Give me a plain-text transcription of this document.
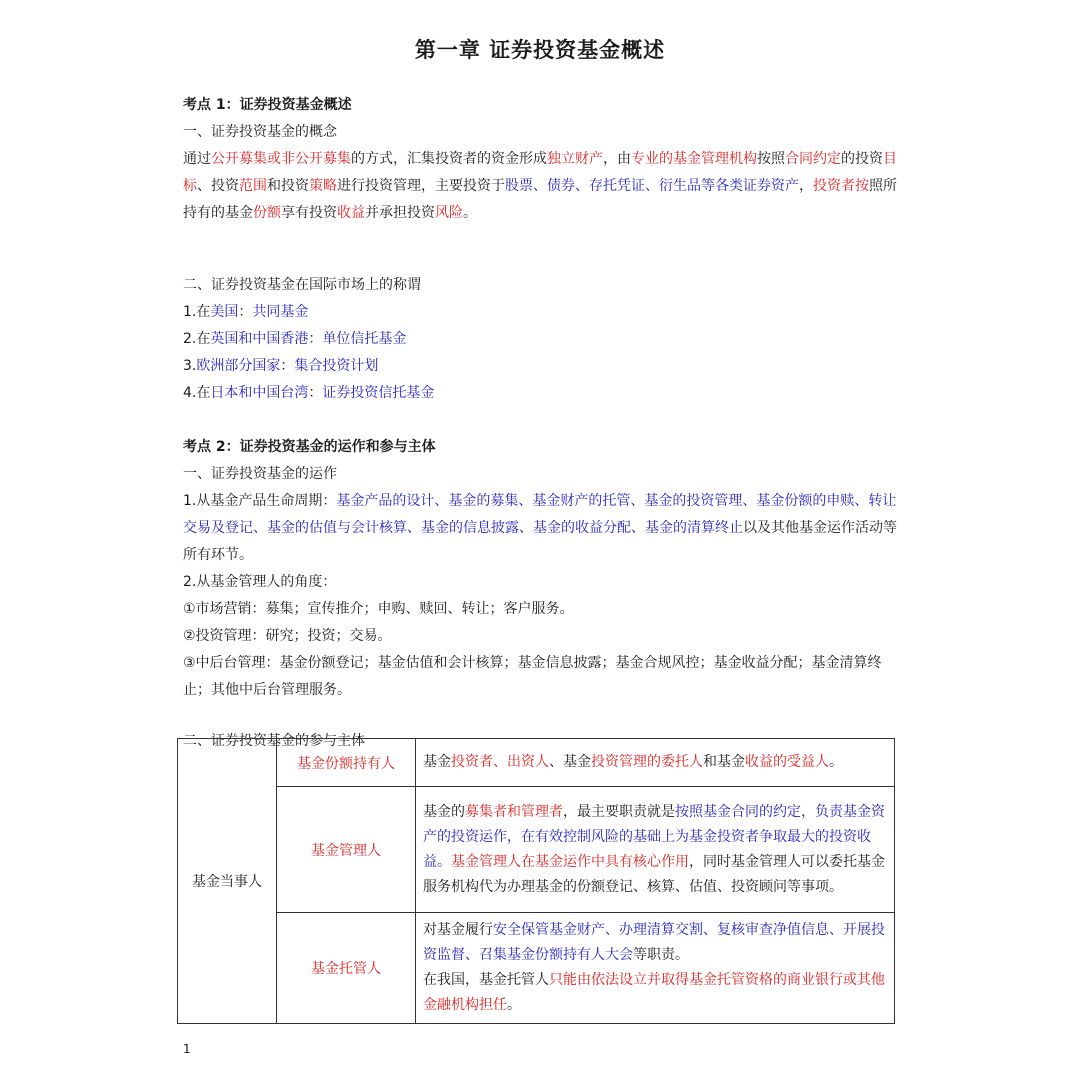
第一章 证券投资基金概述
考点 1：证券投资基金概述
一、证券投资基金的概念
通过公开募集或非公开募集的方式，汇集投资者的资金形成独立财产，由专业的基金管理机构按照合同约定的投资目标、投资范围和投资策略进行投资管理，主要投资于股票、债券、存托凭证、衍生品等各类证券资产，投资者按照所持有的基金份额享有投资收益并承担投资风险。
二、证券投资基金在国际市场上的称谓
1.在美国：共同基金
2.在英国和中国香港：单位信托基金
3.欧洲部分国家：集合投资计划
4.在日本和中国台湾：证券投资信托基金
考点 2：证券投资基金的运作和参与主体
一、证券投资基金的运作
1.从基金产品生命周期：基金产品的设计、基金的募集、基金财产的托管、基金的投资管理、基金份额的申赎、转让交易及登记、基金的估值与会计核算、基金的信息披露、基金的收益分配、基金的清算终止以及其他基金运作活动等所有环节。
2.从基金管理人的角度：
①市场营销：募集；宣传推介；申购、赎回、转让；客户服务。
②投资管理：研究；投资；交易。
③中后台管理：基金份额登记；基金估值和会计核算；基金信息披露；基金合规风控；基金收益分配；基金清算终止；其他中后台管理服务。
二、证券投资基金的参与主体
基金当事人	基金份额持有人	基金投资者、出资人、基金投资管理的委托人和基金收益的受益人。
	基金管理人	基金的募集者和管理者，最主要职责就是按照基金合同的约定，负责基金资产的投资运作，在有效控制风险的基础上为基金投资者争取最大的投资收益。基金管理人在基金运作中具有核心作用，同时基金管理人可以委托基金服务机构代为办理基金的份额登记、核算、估值、投资顾问等事项。
	基金托管人	对基金履行安全保管基金财产、办理清算交割、复核审查净值信息、开展投资监督、召集基金份额持有人大会等职责。
在我国，基金托管人只能由依法设立并取得基金托管资格的商业银行或其他金融机构担任。
1
